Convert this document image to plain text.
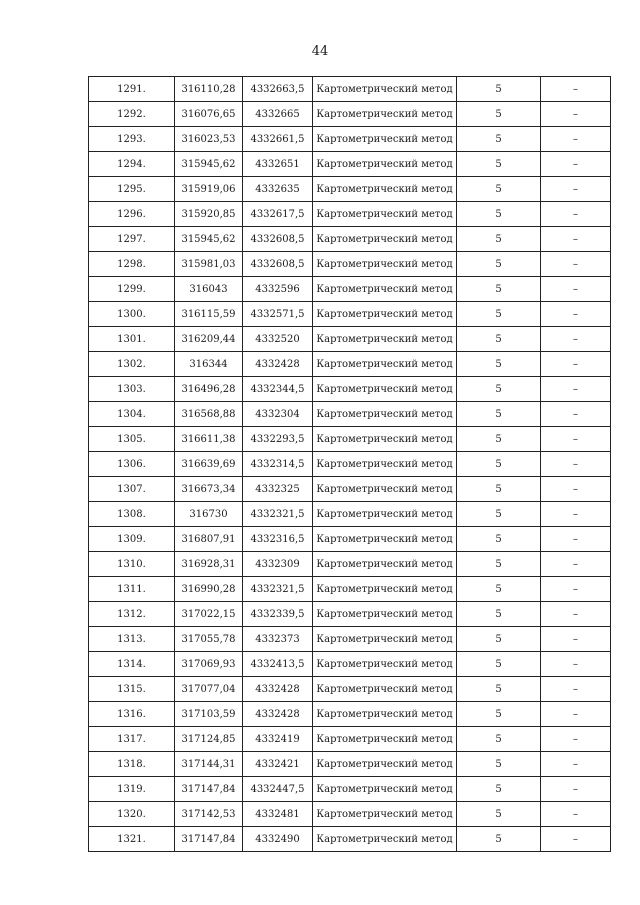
44
1291.	316110,28	4332663,5	Картометрический метод	5	–
1292.	316076,65	4332665	Картометрический метод	5	–
1293.	316023,53	4332661,5	Картометрический метод	5	–
1294.	315945,62	4332651	Картометрический метод	5	–
1295.	315919,06	4332635	Картометрический метод	5	–
1296.	315920,85	4332617,5	Картометрический метод	5	–
1297.	315945,62	4332608,5	Картометрический метод	5	–
1298.	315981,03	4332608,5	Картометрический метод	5	–
1299.	316043	4332596	Картометрический метод	5	–
1300.	316115,59	4332571,5	Картометрический метод	5	–
1301.	316209,44	4332520	Картометрический метод	5	–
1302.	316344	4332428	Картометрический метод	5	–
1303.	316496,28	4332344,5	Картометрический метод	5	–
1304.	316568,88	4332304	Картометрический метод	5	–
1305.	316611,38	4332293,5	Картометрический метод	5	–
1306.	316639,69	4332314,5	Картометрический метод	5	–
1307.	316673,34	4332325	Картометрический метод	5	–
1308.	316730	4332321,5	Картометрический метод	5	–
1309.	316807,91	4332316,5	Картометрический метод	5	–
1310.	316928,31	4332309	Картометрический метод	5	–
1311.	316990,28	4332321,5	Картометрический метод	5	–
1312.	317022,15	4332339,5	Картометрический метод	5	–
1313.	317055,78	4332373	Картометрический метод	5	–
1314.	317069,93	4332413,5	Картометрический метод	5	–
1315.	317077,04	4332428	Картометрический метод	5	–
1316.	317103,59	4332428	Картометрический метод	5	–
1317.	317124,85	4332419	Картометрический метод	5	–
1318.	317144,31	4332421	Картометрический метод	5	–
1319.	317147,84	4332447,5	Картометрический метод	5	–
1320.	317142,53	4332481	Картометрический метод	5	–
1321.	317147,84	4332490	Картометрический метод	5	–
